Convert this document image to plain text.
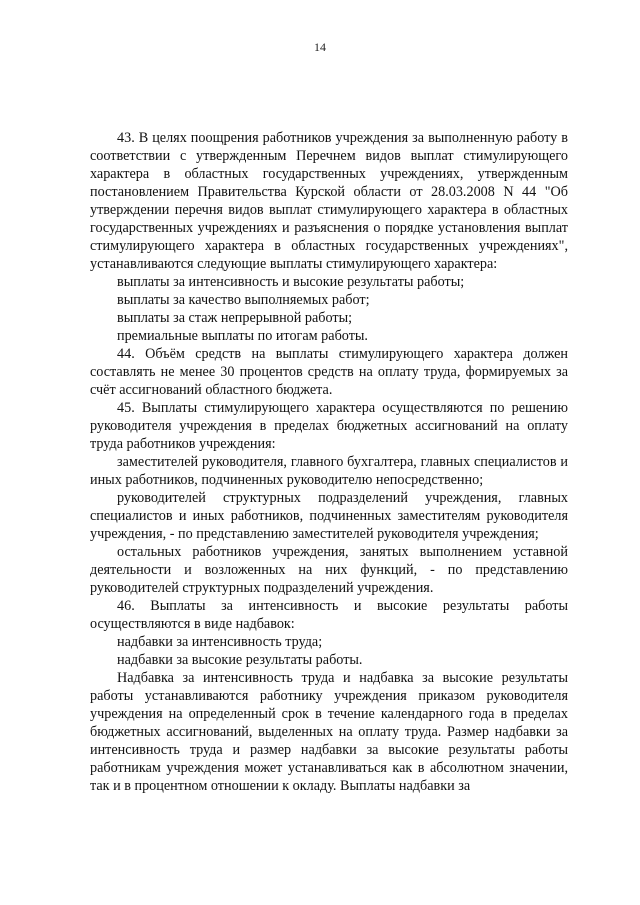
14

43. В целях поощрения работников учреждения за выполненную работу в соответствии с утвержденным Перечнем видов выплат стимулирующего характера в областных государственных учреждениях, утвержденным постановлением Правительства Курской области от 28.03.2008 N 44 "Об утверждении перечня видов выплат стимулирующего характера в областных государственных учреждениях и разъяснения о порядке установления выплат стимулирующего характера в областных государственных учреждениях", устанавливаются следующие выплаты стимулирующего характера:

выплаты за интенсивность и высокие результаты работы;

выплаты за качество выполняемых работ;

выплаты за стаж непрерывной работы;

премиальные выплаты по итогам работы.

44. Объём средств на выплаты стимулирующего характера должен составлять не менее 30 процентов средств на оплату труда, формируемых за счёт ассигнований областного бюджета.

45. Выплаты стимулирующего характера осуществляются по решению руководителя учреждения в пределах бюджетных ассигнований на оплату труда работников учреждения:

заместителей руководителя, главного бухгалтера, главных специалистов и иных работников, подчиненных руководителю непосредственно;

руководителей структурных подразделений учреждения, главных специалистов и иных работников, подчиненных заместителям руководителя учреждения, - по представлению заместителей руководителя учреждения;

остальных работников учреждения, занятых выполнением уставной деятельности и возложенных на них функций, - по представлению руководителей структурных подразделений учреждения.

46. Выплаты за интенсивность и высокие результаты работы осуществляются в виде надбавок:

надбавки за интенсивность труда;

надбавки за высокие результаты работы.

Надбавка за интенсивность труда и надбавка за высокие результаты работы устанавливаются работнику учреждения приказом руководителя учреждения на определенный срок в течение календарного года в пределах бюджетных ассигнований, выделенных на оплату труда. Размер надбавки за интенсивность труда и размер надбавки за высокие результаты работы работникам учреждения может устанавливаться как в абсолютном значении, так и в процентном отношении к окладу. Выплаты надбавки за
